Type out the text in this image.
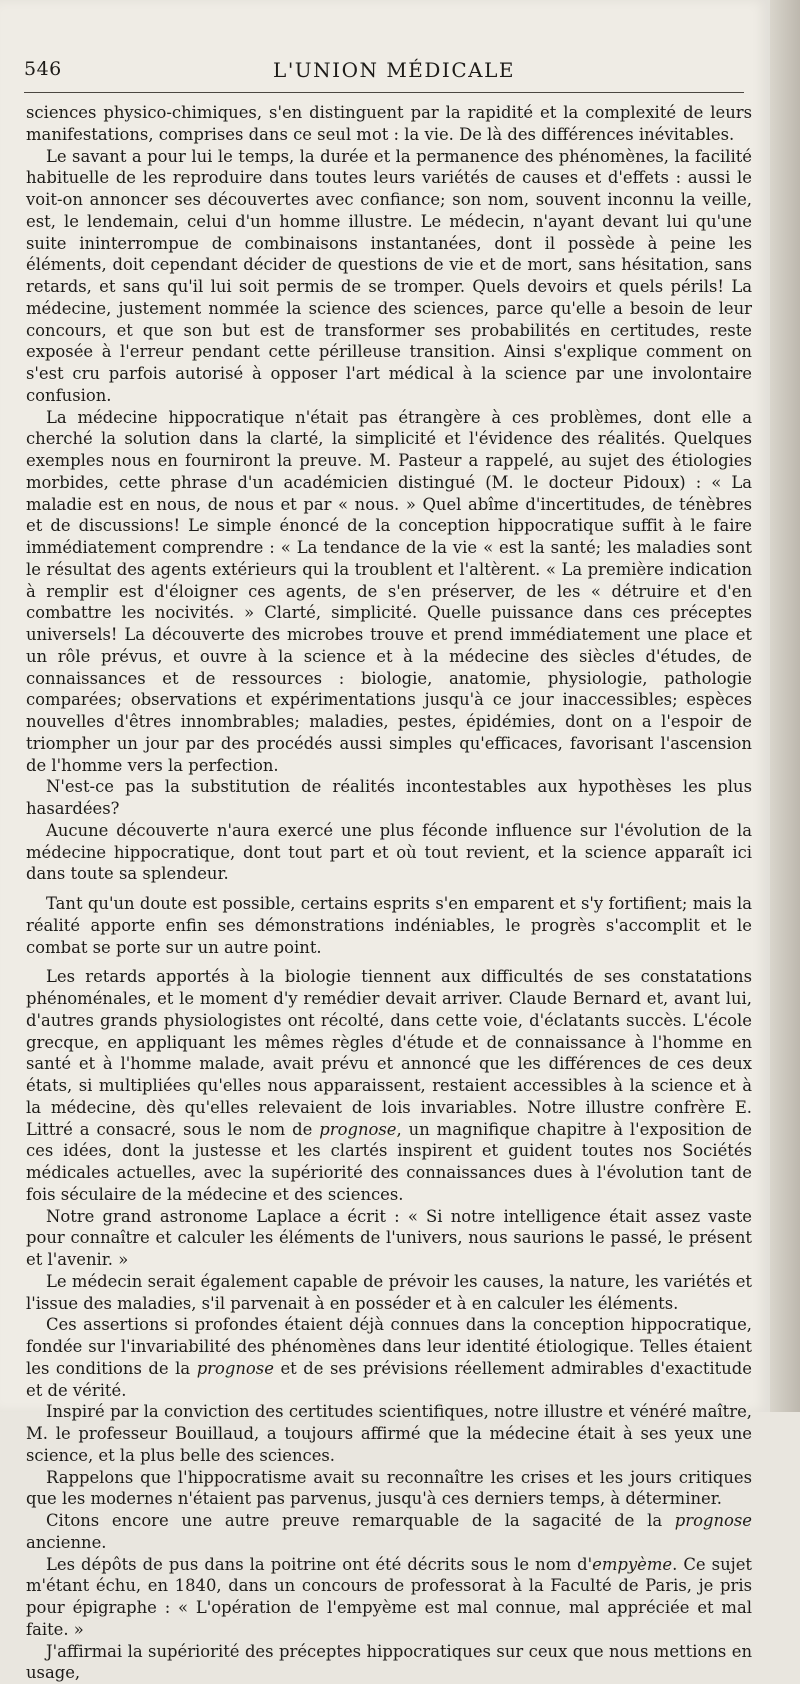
546	L'UNION MÉDICALE

sciences physico-chimiques, s'en distinguent par la rapidité et la complexité de leurs manifestations, comprises dans ce seul mot : la vie. De là des différences inévitables.

Le savant a pour lui le temps, la durée et la permanence des phénomènes, la facilité habituelle de les reproduire dans toutes leurs variétés de causes et d'effets : aussi le voit-on annoncer ses découvertes avec confiance; son nom, souvent inconnu la veille, est, le lendemain, celui d'un homme illustre. Le médecin, n'ayant devant lui qu'une suite ininterrompue de combinaisons instantanées, dont il possède à peine les éléments, doit cependant décider de questions de vie et de mort, sans hésitation, sans retards, et sans qu'il lui soit permis de se tromper. Quels devoirs et quels périls! La médecine, justement nommée la science des sciences, parce qu'elle a besoin de leur concours, et que son but est de transformer ses probabilités en certitudes, reste exposée à l'erreur pendant cette périlleuse transition. Ainsi s'explique comment on s'est cru parfois autorisé à opposer l'art médical à la science par une involontaire confusion.

La médecine hippocratique n'était pas étrangère à ces problèmes, dont elle a cherché la solution dans la clarté, la simplicité et l'évidence des réalités. Quelques exemples nous en fourniront la preuve. M. Pasteur a rappelé, au sujet des étiologies morbides, cette phrase d'un académicien distingué (M. le docteur Pidoux) : « La maladie est en nous, de nous et par « nous. » Quel abîme d'incertitudes, de ténèbres et de discussions! Le simple énoncé de la conception hippocratique suffit à le faire immédiatement comprendre : « La tendance de la vie « est la santé; les maladies sont le résultat des agents extérieurs qui la troublent et l'altèrent. « La première indication à remplir est d'éloigner ces agents, de s'en préserver, de les « détruire et d'en combattre les nocivités. » Clarté, simplicité. Quelle puissance dans ces préceptes universels! La découverte des microbes trouve et prend immédiatement une place et un rôle prévus, et ouvre à la science et à la médecine des siècles d'études, de connaissances et de ressources : biologie, anatomie, physiologie, pathologie comparées; observations et expérimentations jusqu'à ce jour inaccessibles; espèces nouvelles d'êtres innombrables; maladies, pestes, épidémies, dont on a l'espoir de triompher un jour par des procédés aussi simples qu'efficaces, favorisant l'ascension de l'homme vers la perfection.

N'est-ce pas la substitution de réalités incontestables aux hypothèses les plus hasardées?

Aucune découverte n'aura exercé une plus féconde influence sur l'évolution de la médecine hippocratique, dont tout part et où tout revient, et la science apparaît ici dans toute sa splendeur.

Tant qu'un doute est possible, certains esprits s'en emparent et s'y fortifient; mais la réalité apporte enfin ses démonstrations indéniables, le progrès s'accomplit et le combat se porte sur un autre point.

Les retards apportés à la biologie tiennent aux difficultés de ses constatations phénoménales, et le moment d'y remédier devait arriver. Claude Bernard et, avant lui, d'autres grands physiologistes ont récolté, dans cette voie, d'éclatants succès. L'école grecque, en appliquant les mêmes règles d'étude et de connaissance à l'homme en santé et à l'homme malade, avait prévu et annoncé que les différences de ces deux états, si multipliées qu'elles nous apparaissent, restaient accessibles à la science et à la médecine, dès qu'elles relevaient de lois invariables. Notre illustre confrère E. Littré a consacré, sous le nom de prognose, un magnifique chapitre à l'exposition de ces idées, dont la justesse et les clartés inspirent et guident toutes nos Sociétés médicales actuelles, avec la supériorité des connaissances dues à l'évolution tant de fois séculaire de la médecine et des sciences.

Notre grand astronome Laplace a écrit : « Si notre intelligence était assez vaste pour connaître et calculer les éléments de l'univers, nous saurions le passé, le présent et l'avenir. »

Le médecin serait également capable de prévoir les causes, la nature, les variétés et l'issue des maladies, s'il parvenait à en posséder et à en calculer les éléments.

Ces assertions si profondes étaient déjà connues dans la conception hippocratique, fondée sur l'invariabilité des phénomènes dans leur identité étiologique. Telles étaient les conditions de la prognose et de ses prévisions réellement admirables d'exactitude et de vérité.

Inspiré par la conviction des certitudes scientifiques, notre illustre et vénéré maître, M. le professeur Bouillaud, a toujours affirmé que la médecine était à ses yeux une science, et la plus belle des sciences.

Rappelons que l'hippocratisme avait su reconnaître les crises et les jours critiques que les modernes n'étaient pas parvenus, jusqu'à ces derniers temps, à déterminer.

Citons encore une autre preuve remarquable de la sagacité de la prognose ancienne.

Les dépôts de pus dans la poitrine ont été décrits sous le nom d'empyème. Ce sujet m'étant échu, en 1840, dans un concours de professorat à la Faculté de Paris, je pris pour épigraphe : « L'opération de l'empyème est mal connue, mal appréciée et mal faite. »

J'affirmai la supériorité des préceptes hippocratiques sur ceux que nous mettions en usage,
